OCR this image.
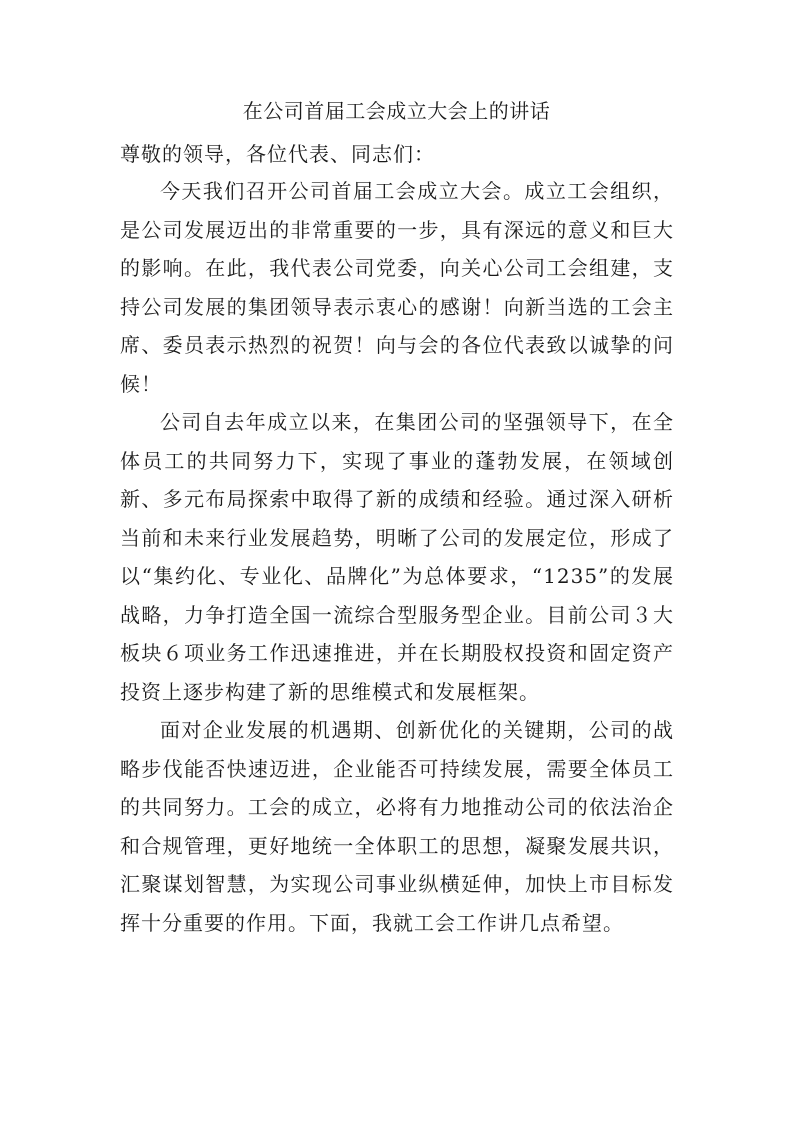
在公司首届工会成立大会上的讲话

尊敬的领导，各位代表、同志们：

今天我们召开公司首届工会成立大会。成立工会组织，是公司发展迈出的非常重要的一步，具有深远的意义和巨大的影响。在此，我代表公司党委，向关心公司工会组建，支持公司发展的集团领导表示衷心的感谢！向新当选的工会主席、委员表示热烈的祝贺！向与会的各位代表致以诚挚的问候！

公司自去年成立以来，在集团公司的坚强领导下，在全体员工的共同努力下，实现了事业的蓬勃发展，在领域创新、多元布局探索中取得了新的成绩和经验。通过深入研析当前和未来行业发展趋势，明晰了公司的发展定位，形成了以“集约化、专业化、品牌化”为总体要求，“1235”的发展战略，力争打造全国一流综合型服务型企业。目前公司３大板块６项业务工作迅速推进，并在长期股权投资和固定资产投资上逐步构建了新的思维模式和发展框架。

面对企业发展的机遇期、创新优化的关键期，公司的战略步伐能否快速迈进，企业能否可持续发展，需要全体员工的共同努力。工会的成立，必将有力地推动公司的依法治企和合规管理，更好地统一全体职工的思想，凝聚发展共识，汇聚谋划智慧，为实现公司事业纵横延伸，加快上市目标发挥十分重要的作用。下面，我就工会工作讲几点希望。
